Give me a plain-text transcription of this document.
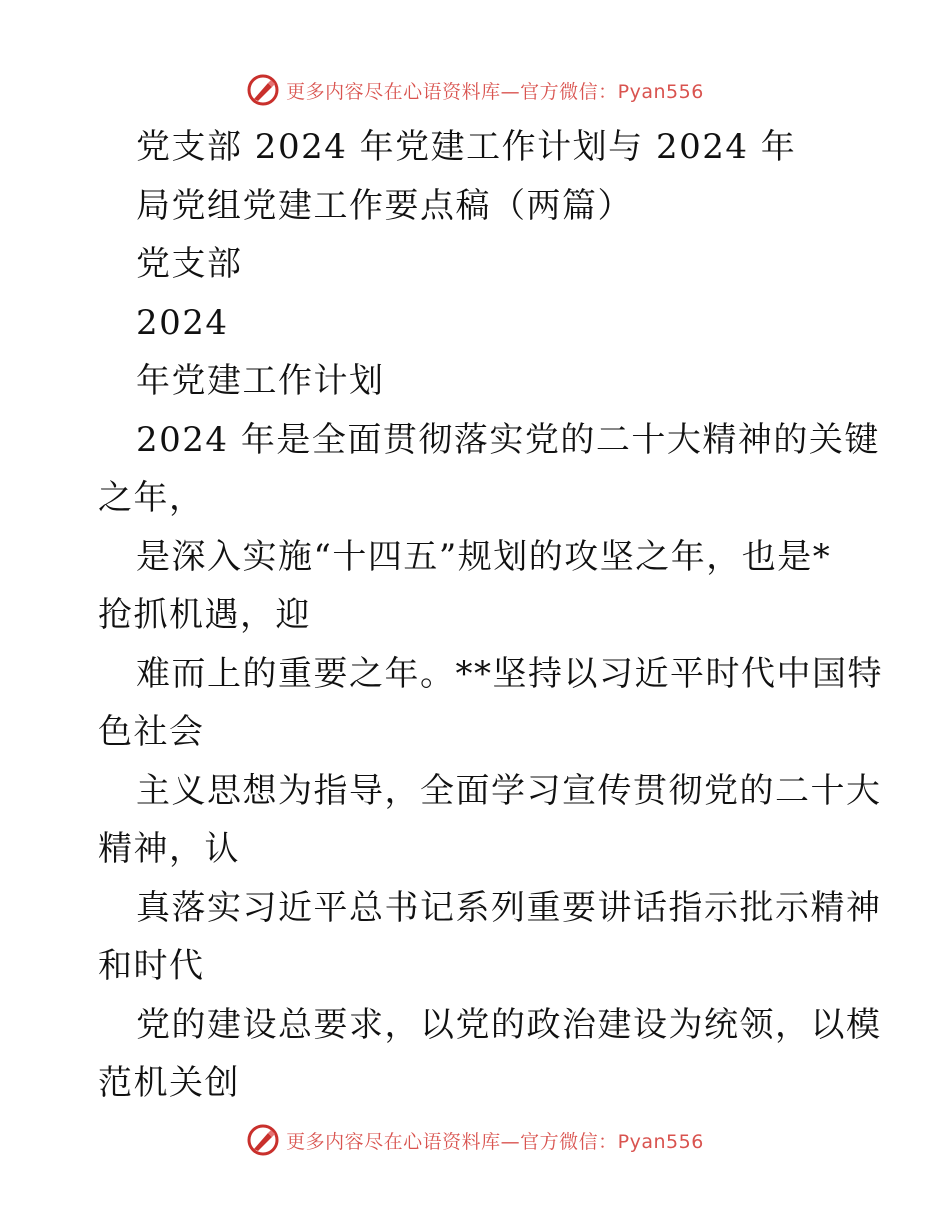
更多内容尽在心语资料库—官方微信：Pyan556
党支部 2024 年党建工作计划与 2024 年
局党组党建工作要点稿（两篇）
党支部
2024
年党建工作计划
2024 年是全面贯彻落实党的二十大精神的关键
之年，
是深入实施“十四五”规划的攻坚之年，也是*
抢抓机遇，迎
难而上的重要之年。**坚持以习近平时代中国特
色社会
主义思想为指导，全面学习宣传贯彻党的二十大
精神，认
真落实习近平总书记系列重要讲话指示批示精神
和时代
党的建设总要求，以党的政治建设为统领，以模
范机关创
更多内容尽在心语资料库—官方微信：Pyan556
